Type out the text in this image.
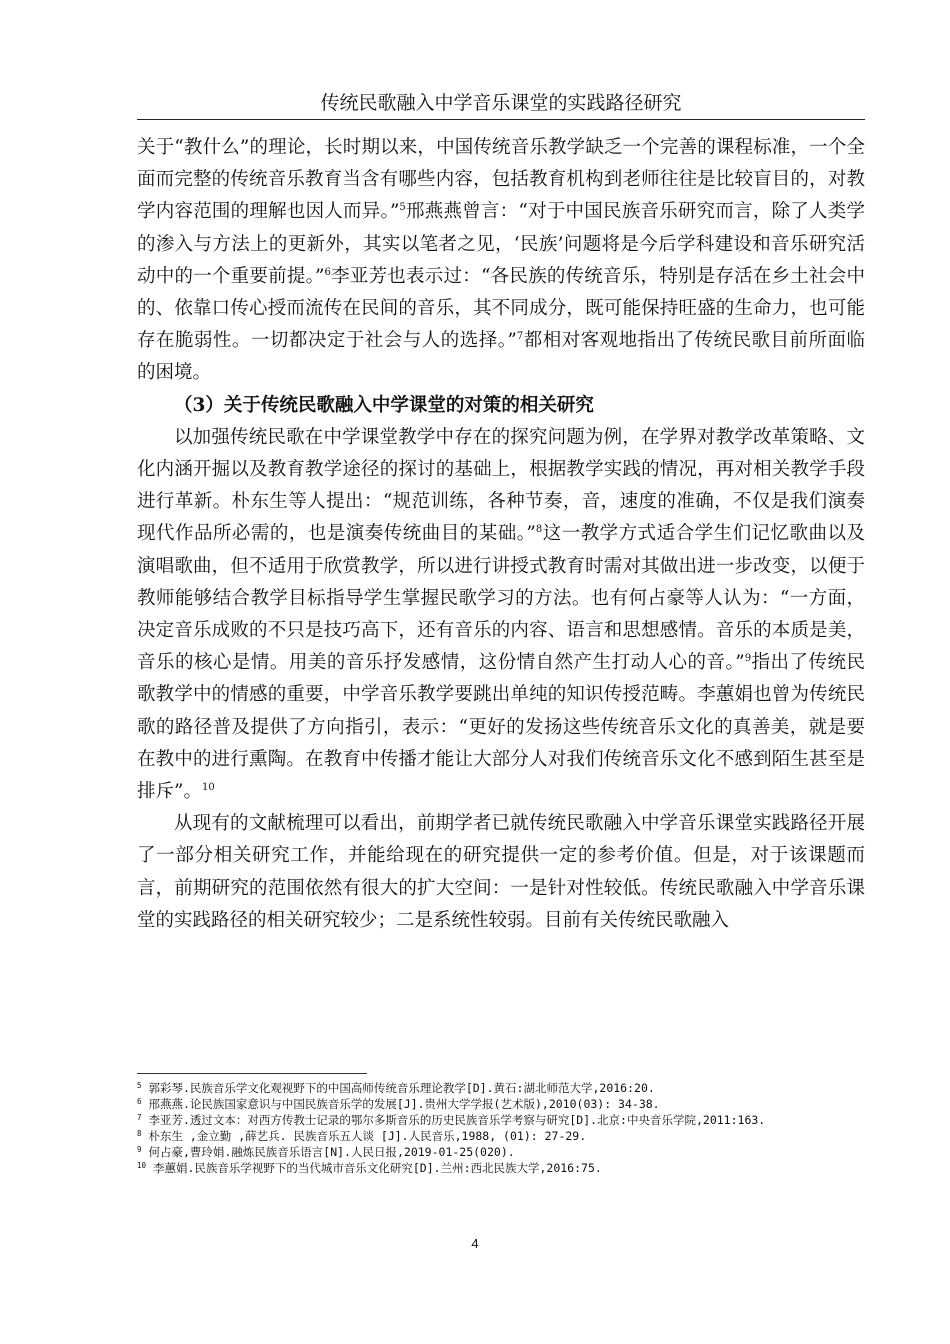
传统民歌融入中学音乐课堂的实践路径研究

关于“教什么”的理论，长时期以来，中国传统音乐教学缺乏一个完善的课程标准，一个全面而完整的传统音乐教育当含有哪些内容，包括教育机构到老师往往是比较盲目的，对教学内容范围的理解也因人而异。”$^5$邢燕燕曾言：“对于中国民族音乐研究而言，除了人类学的渗入与方法上的更新外，其实以笔者之见，‘民族’问题将是今后学科建设和音乐研究活动中的一个重要前提。”$^6$李亚芳也表示过：“各民族的传统音乐，特别是存活在乡土社会中的、依靠口传心授而流传在民间的音乐，其不同成分，既可能保持旺盛的生命力，也可能存在脆弱性。一切都决定于社会与人的选择。”$^7$都相对客观地指出了传统民歌目前所面临的困境。

（3）关于传统民歌融入中学课堂的对策的相关研究

以加强传统民歌在中学课堂教学中存在的探究问题为例，在学界对教学改革策略、文化内涵开掘以及教育教学途径的探讨的基础上，根据教学实践的情况，再对相关教学手段进行革新。朴东生等人提出：“规范训练，各种节奏，音，速度的准确，不仅是我们演奏现代作品所必需的，也是演奏传统曲目的某础。”$^8$这一教学方式适合学生们记忆歌曲以及演唱歌曲，但不适用于欣赏教学，所以进行讲授式教育时需对其做出进一步改变，以便于教师能够结合教学目标指导学生掌握民歌学习的方法。也有何占豪等人认为：“一方面，决定音乐成败的不只是技巧高下，还有音乐的内容、语言和思想感情。音乐的本质是美，音乐的核心是情。用美的音乐抒发感情，这份情自然产生打动人心的音。”$^9$指出了传统民歌教学中的情感的重要，中学音乐教学要跳出单纯的知识传授范畴。李蕙娟也曾为传统民歌的路径普及提供了方向指引，表示：“更好的发扬这些传统音乐文化的真善美，就是要在教中的进行熏陶。在教育中传播才能让大部分人对我们传统音乐文化不感到陌生甚至是排斥”。$^{10}$

从现有的文献梳理可以看出，前期学者已就传统民歌融入中学音乐课堂实践路径开展了一部分相关研究工作，并能给现在的研究提供一定的参考价值。但是，对于该课题而言，前期研究的范围依然有很大的扩大空间：一是针对性较低。传统民歌融入中学音乐课堂的实践路径的相关研究较少；二是系统性较弱。目前有关传统民歌融入

$^5$ 郭彩琴.民族音乐学文化观视野下的中国高师传统音乐理论教学[D].黄石:湖北师范大学,2016:20.

$^6$ 邢燕燕.论民族国家意识与中国民族音乐学的发展[J].贵州大学学报(艺术版),2010(03): 34-38.

$^7$ 李亚芳.透过文本：对西方传教士记录的鄂尔多斯音乐的历史民族音乐学考察与研究[D].北京:中央音乐学院,2011:163.

$^8$ 朴东生 ,金立勤 ,薛艺兵. 民族音乐五人谈 [J].人民音乐,1988, (01): 27-29.

$^9$ 何占豪,曹玲娟.融炼民族音乐语言[N].人民日报,2019-01-25(020).

$^{10}$ 李蕙娟.民族音乐学视野下的当代城市音乐文化研究[D].兰州:西北民族大学,2016:75.

4
